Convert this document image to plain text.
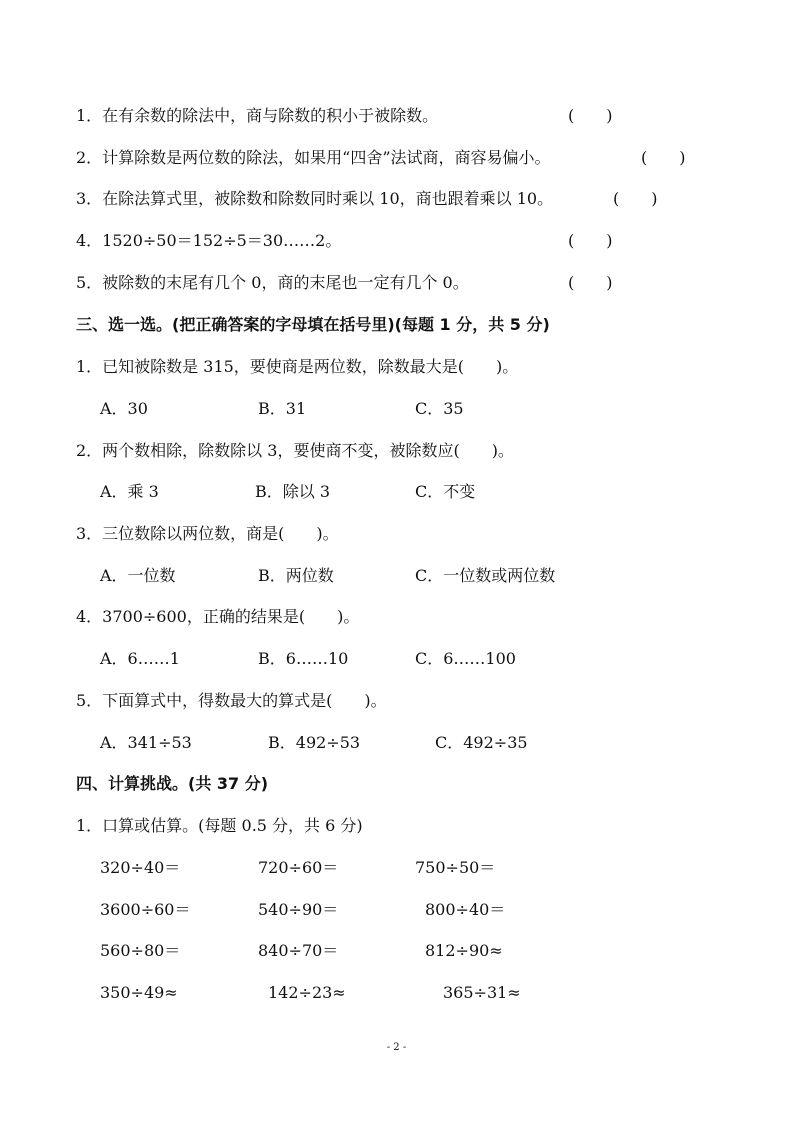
1．在有余数的除法中，商与除数的积小于被除数。	(　　)
2．计算除数是两位数的除法，如果用“四舍”法试商，商容易偏小。	(　　)
3．在除法算式里，被除数和除数同时乘以 10，商也跟着乘以 10。	(　　)
4．1520÷50＝152÷5＝30……2。	(　　)
5．被除数的末尾有几个 0，商的末尾也一定有几个 0。	(　　)
三、选一选。(把正确答案的字母填在括号里)(每题 1 分，共 5 分)
1．已知被除数是 315，要使商是两位数，除数最大是(　　)。
A．30	B．31	C．35
2．两个数相除，除数除以 3，要使商不变，被除数应(　　)。
A．乘 3	B．除以 3	C．不变
3．三位数除以两位数，商是(　　)。
A．一位数	B．两位数	C．一位数或两位数
4．3700÷600，正确的结果是(　　)。
A．6……1	B．6……10	C．6……100
5．下面算式中，得数最大的算式是(　　)。
A．341÷53	B．492÷53	C．492÷35
四、计算挑战。(共 37 分)
1．口算或估算。(每题 0.5 分，共 6 分)
320÷40＝	720÷60＝	750÷50＝
3600÷60＝	540÷90＝	800÷40＝
560÷80＝	840÷70＝	812÷90≈
350÷49≈	142÷23≈	365÷31≈
- 2 -
